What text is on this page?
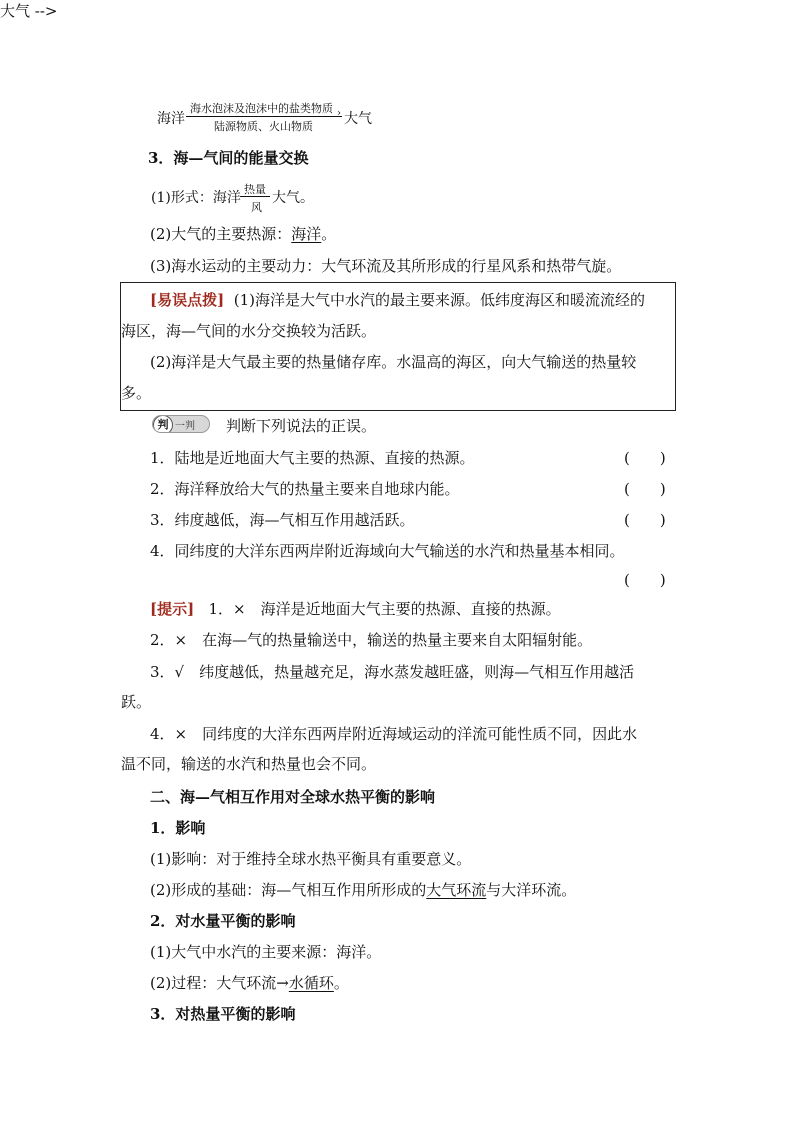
大气 -->
海洋
海水泡沫及泡沫中的盐类物质 ›
陆源物质、火山物质 大气
3．海—气间的能量交换
(1)形式：海洋
热量
风
大气。
(2)大气的主要热源：海洋。
(3)海水运动的主要动力：大气环流及其所形成的行星风系和热带气旋。
[易误点拨] (1)海洋是大气中水汽的最主要来源。低纬度海区和暖流流经的
海区，海—气间的水分交换较为活跃。
(2)海洋是大气最主要的热量储存库。水温高的海区，向大气输送的热量较
多。
判 一判 判断下列说法的正误。
1．陆地是近地面大气主要的热源、直接的热源。	(　　)
2．海洋释放给大气的热量主要来自地球内能。	(　　)
3．纬度越低，海—气相互作用越活跃。	(　　)
4．同纬度的大洋东西两岸附近海域向大气输送的水汽和热量基本相同。
(　　)
[提示] 1．×　海洋是近地面大气主要的热源、直接的热源。
2．×　在海—气的热量输送中，输送的热量主要来自太阳辐射能。
3．√　纬度越低，热量越充足，海水蒸发越旺盛，则海—气相互作用越活
跃。
4．×　同纬度的大洋东西两岸附近海域运动的洋流可能性质不同，因此水
温不同，输送的水汽和热量也会不同。
二、海—气相互作用对全球水热平衡的影响
1．影响
(1)影响：对于维持全球水热平衡具有重要意义。
(2)形成的基础：海—气相互作用所形成的大气环流与大洋环流。
2．对水量平衡的影响
(1)大气中水汽的主要来源：海洋。
(2)过程：大气环流→水循环。
3．对热量平衡的影响
